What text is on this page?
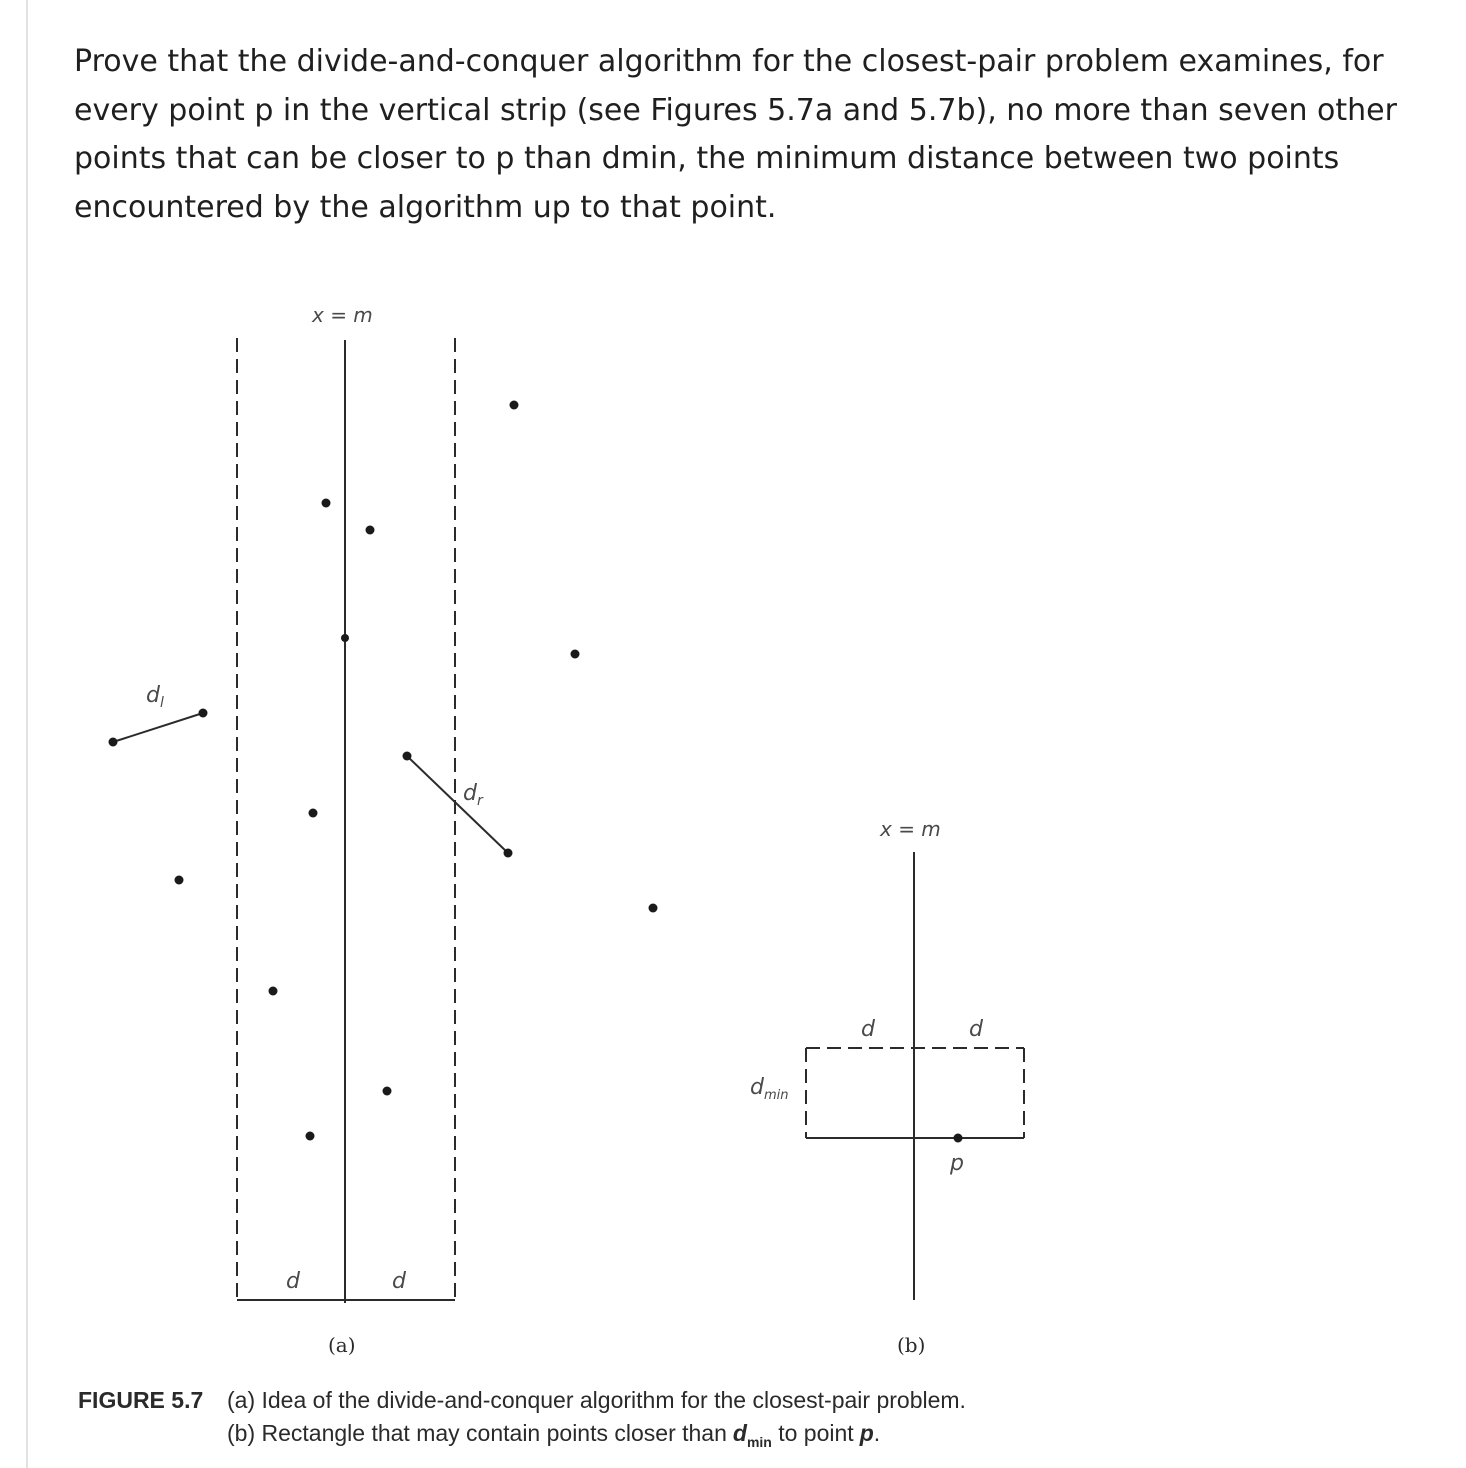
Prove that the divide-and-conquer algorithm for the closest-pair problem examines, for every point p in the vertical strip (see Figures 5.7a and 5.7b), no more than seven other points that can be closer to p than dmin, the minimum distance between two points encountered by the algorithm up to that point.

x = m
$d_l$
$d_r$
d	d
(a)
x = m
p
d	d
$d_{min}$
(b)
FIGURE 5.7 (a) Idea of the divide-and-conquer algorithm for the closest-pair problem.
(b) Rectangle that may contain points closer than $d_{min}$ to point p.
